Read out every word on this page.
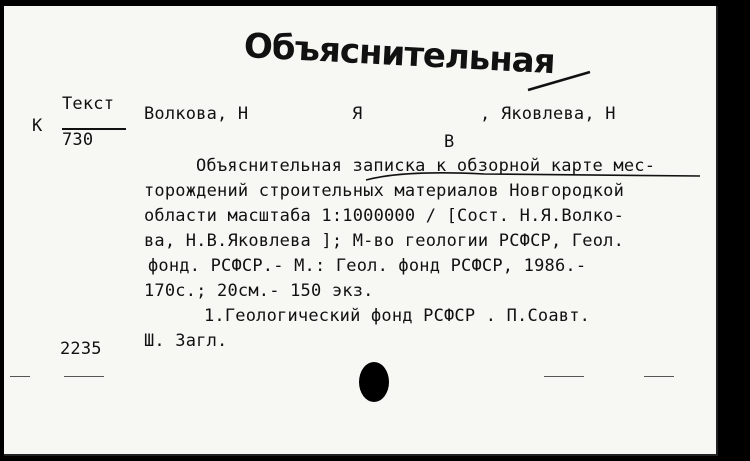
Объяснительная
К
Текст
730
Волкова, Н	Я	, Яковлева, Н
В
Объяснительная записка к обзорной карте мес-
торождений строительных материалов Новгородкой
области масштаба 1:1000000 / [Сост. Н.Я.Волко-
ва, Н.В.Яковлева ]; М-во геологии РСФСР, Геол.
фонд. РСФСР.- М.: Геол. фонд РСФСР, 1986.-
170с.; 20см.- 150 экз.
1.Геологический фонд РСФСР . П.Соавт.
Ш. Загл.
2235
